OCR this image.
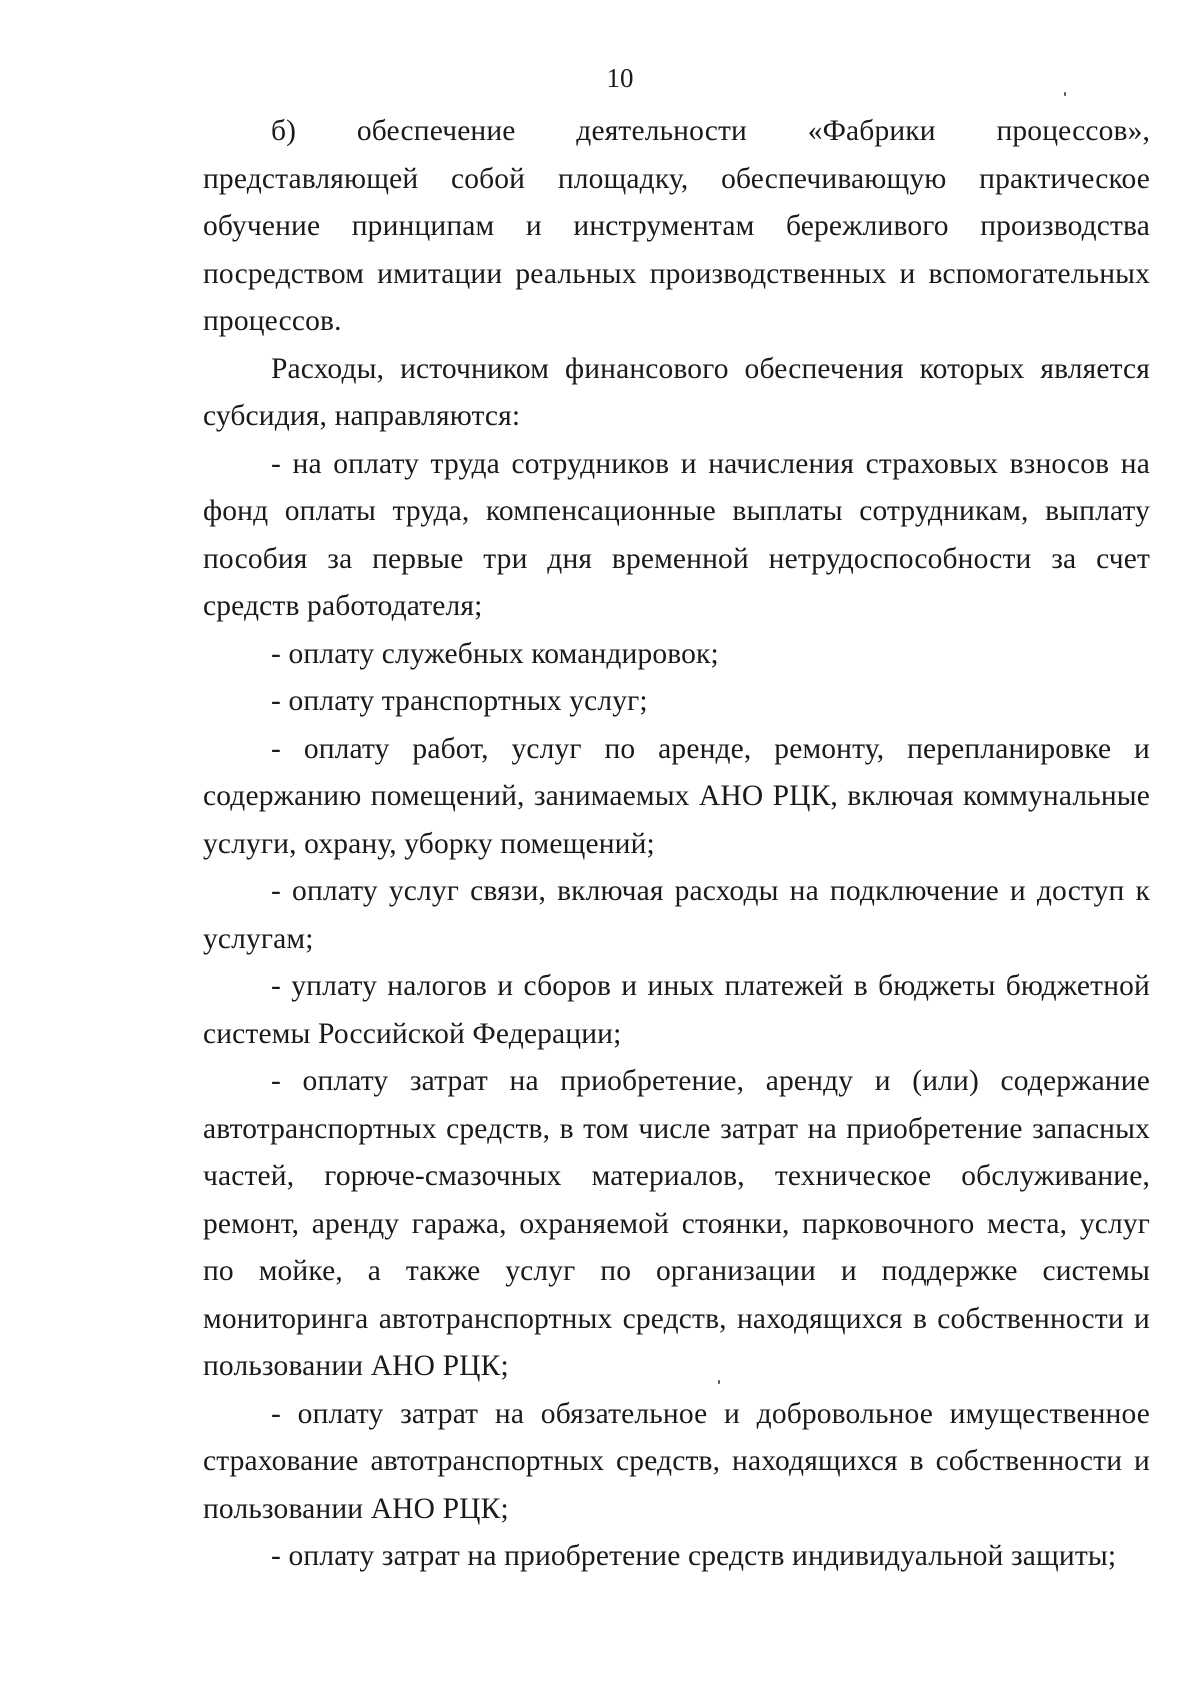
10

б) обеспечение деятельности «Фабрики процессов», представляющей собой площадку, обеспечивающую практическое обучение принципам и инструментам бережливого производства посредством имитации реальных производственных и вспомогательных процессов.

Расходы, источником финансового обеспечения которых является субсидия, направляются:

- на оплату труда сотрудников и начисления страховых взносов на фонд оплаты труда, компенсационные выплаты сотрудникам, выплату пособия за первые три дня временной нетрудоспособности за счет средств работодателя;

- оплату служебных командировок;

- оплату транспортных услуг;

- оплату работ, услуг по аренде, ремонту, перепланировке и содержанию помещений, занимаемых АНО РЦК, включая коммунальные услуги, охрану, уборку помещений;

- оплату услуг связи, включая расходы на подключение и доступ к услугам;

- уплату налогов и сборов и иных платежей в бюджеты бюджетной системы Российской Федерации;

- оплату затрат на приобретение, аренду и (или) содержание автотранспортных средств, в том числе затрат на приобретение запасных частей, горюче-смазочных материалов, техническое обслуживание, ремонт, аренду гаража, охраняемой стоянки, парковочного места, услуг по мойке, а также услуг по организации и поддержке системы мониторинга автотранспортных средств, находящихся в собственности и пользовании АНО РЦК;

- оплату затрат на обязательное и добровольное имущественное страхование автотранспортных средств, находящихся в собственности и пользовании АНО РЦК;

- оплату затрат на приобретение средств индивидуальной защиты;
